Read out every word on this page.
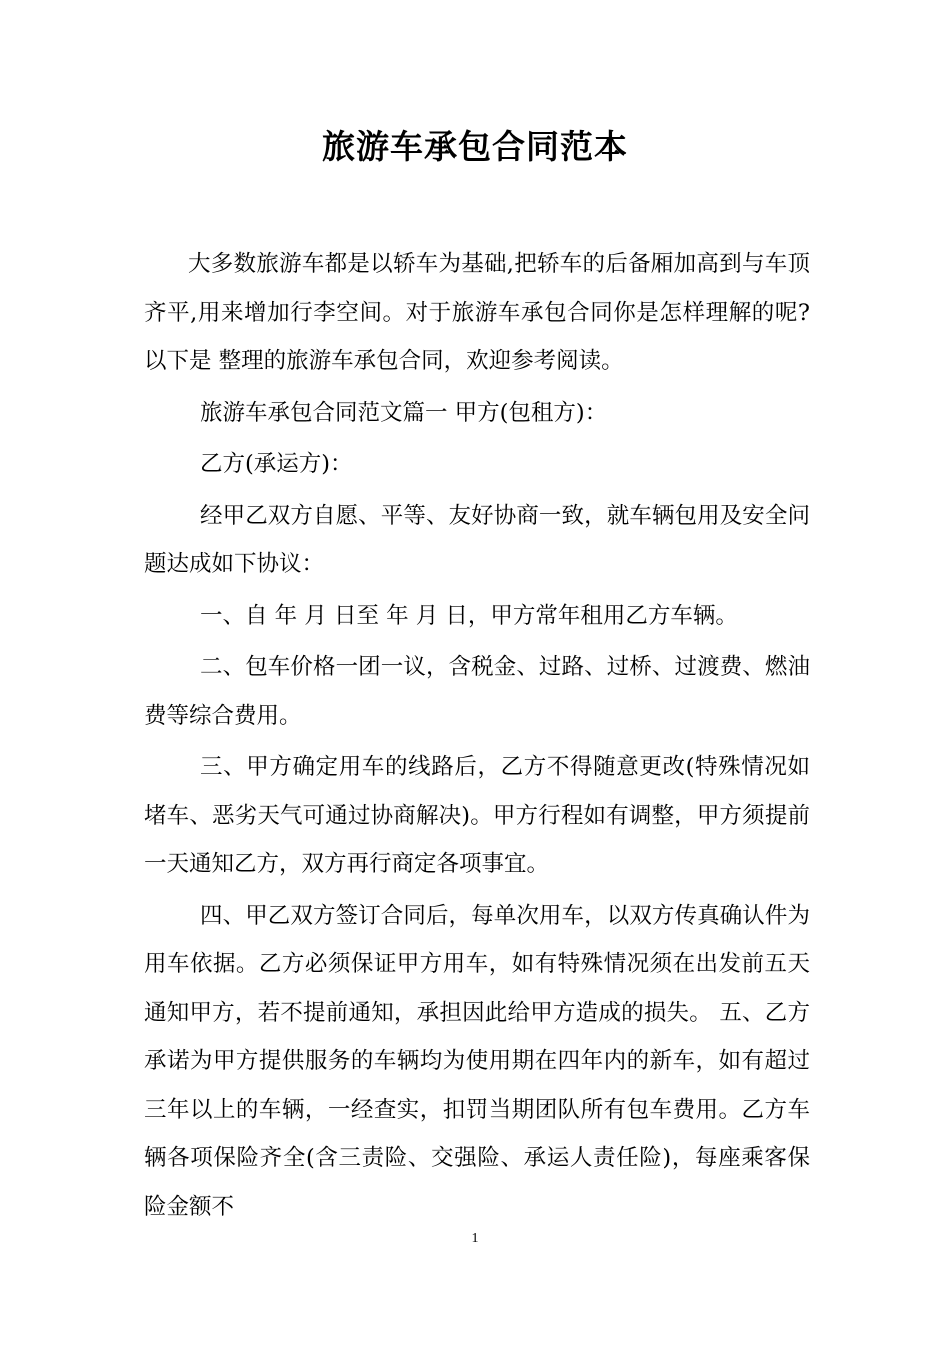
旅游车承包合同范本

大多数旅游车都是以轿车为基础,把轿车的后备厢加高到与车顶齐平,用来增加行李空间。对于旅游车承包合同你是怎样理解的呢?以下是 整理的旅游车承包合同，欢迎参考阅读。

旅游车承包合同范文篇一 甲方(包租方)：

乙方(承运方)：

经甲乙双方自愿、平等、友好协商一致，就车辆包用及安全问题达成如下协议：

一、自 年 月 日至 年 月 日，甲方常年租用乙方车辆。

二、包车价格一团一议，含税金、过路、过桥、过渡费、燃油费等综合费用。

三、甲方确定用车的线路后，乙方不得随意更改(特殊情况如堵车、恶劣天气可通过协商解决)。甲方行程如有调整，甲方须提前一天通知乙方，双方再行商定各项事宜。

四、甲乙双方签订合同后，每单次用车，以双方传真确认件为用车依据。乙方必须保证甲方用车，如有特殊情况须在出发前五天通知甲方，若不提前通知，承担因此给甲方造成的损失。 五、乙方承诺为甲方提供服务的车辆均为使用期在四年内的新车，如有超过三年以上的车辆，一经查实，扣罚当期团队所有包车费用。乙方车辆各项保险齐全(含三责险、交强险、承运人责任险)，每座乘客保险金额不

1
